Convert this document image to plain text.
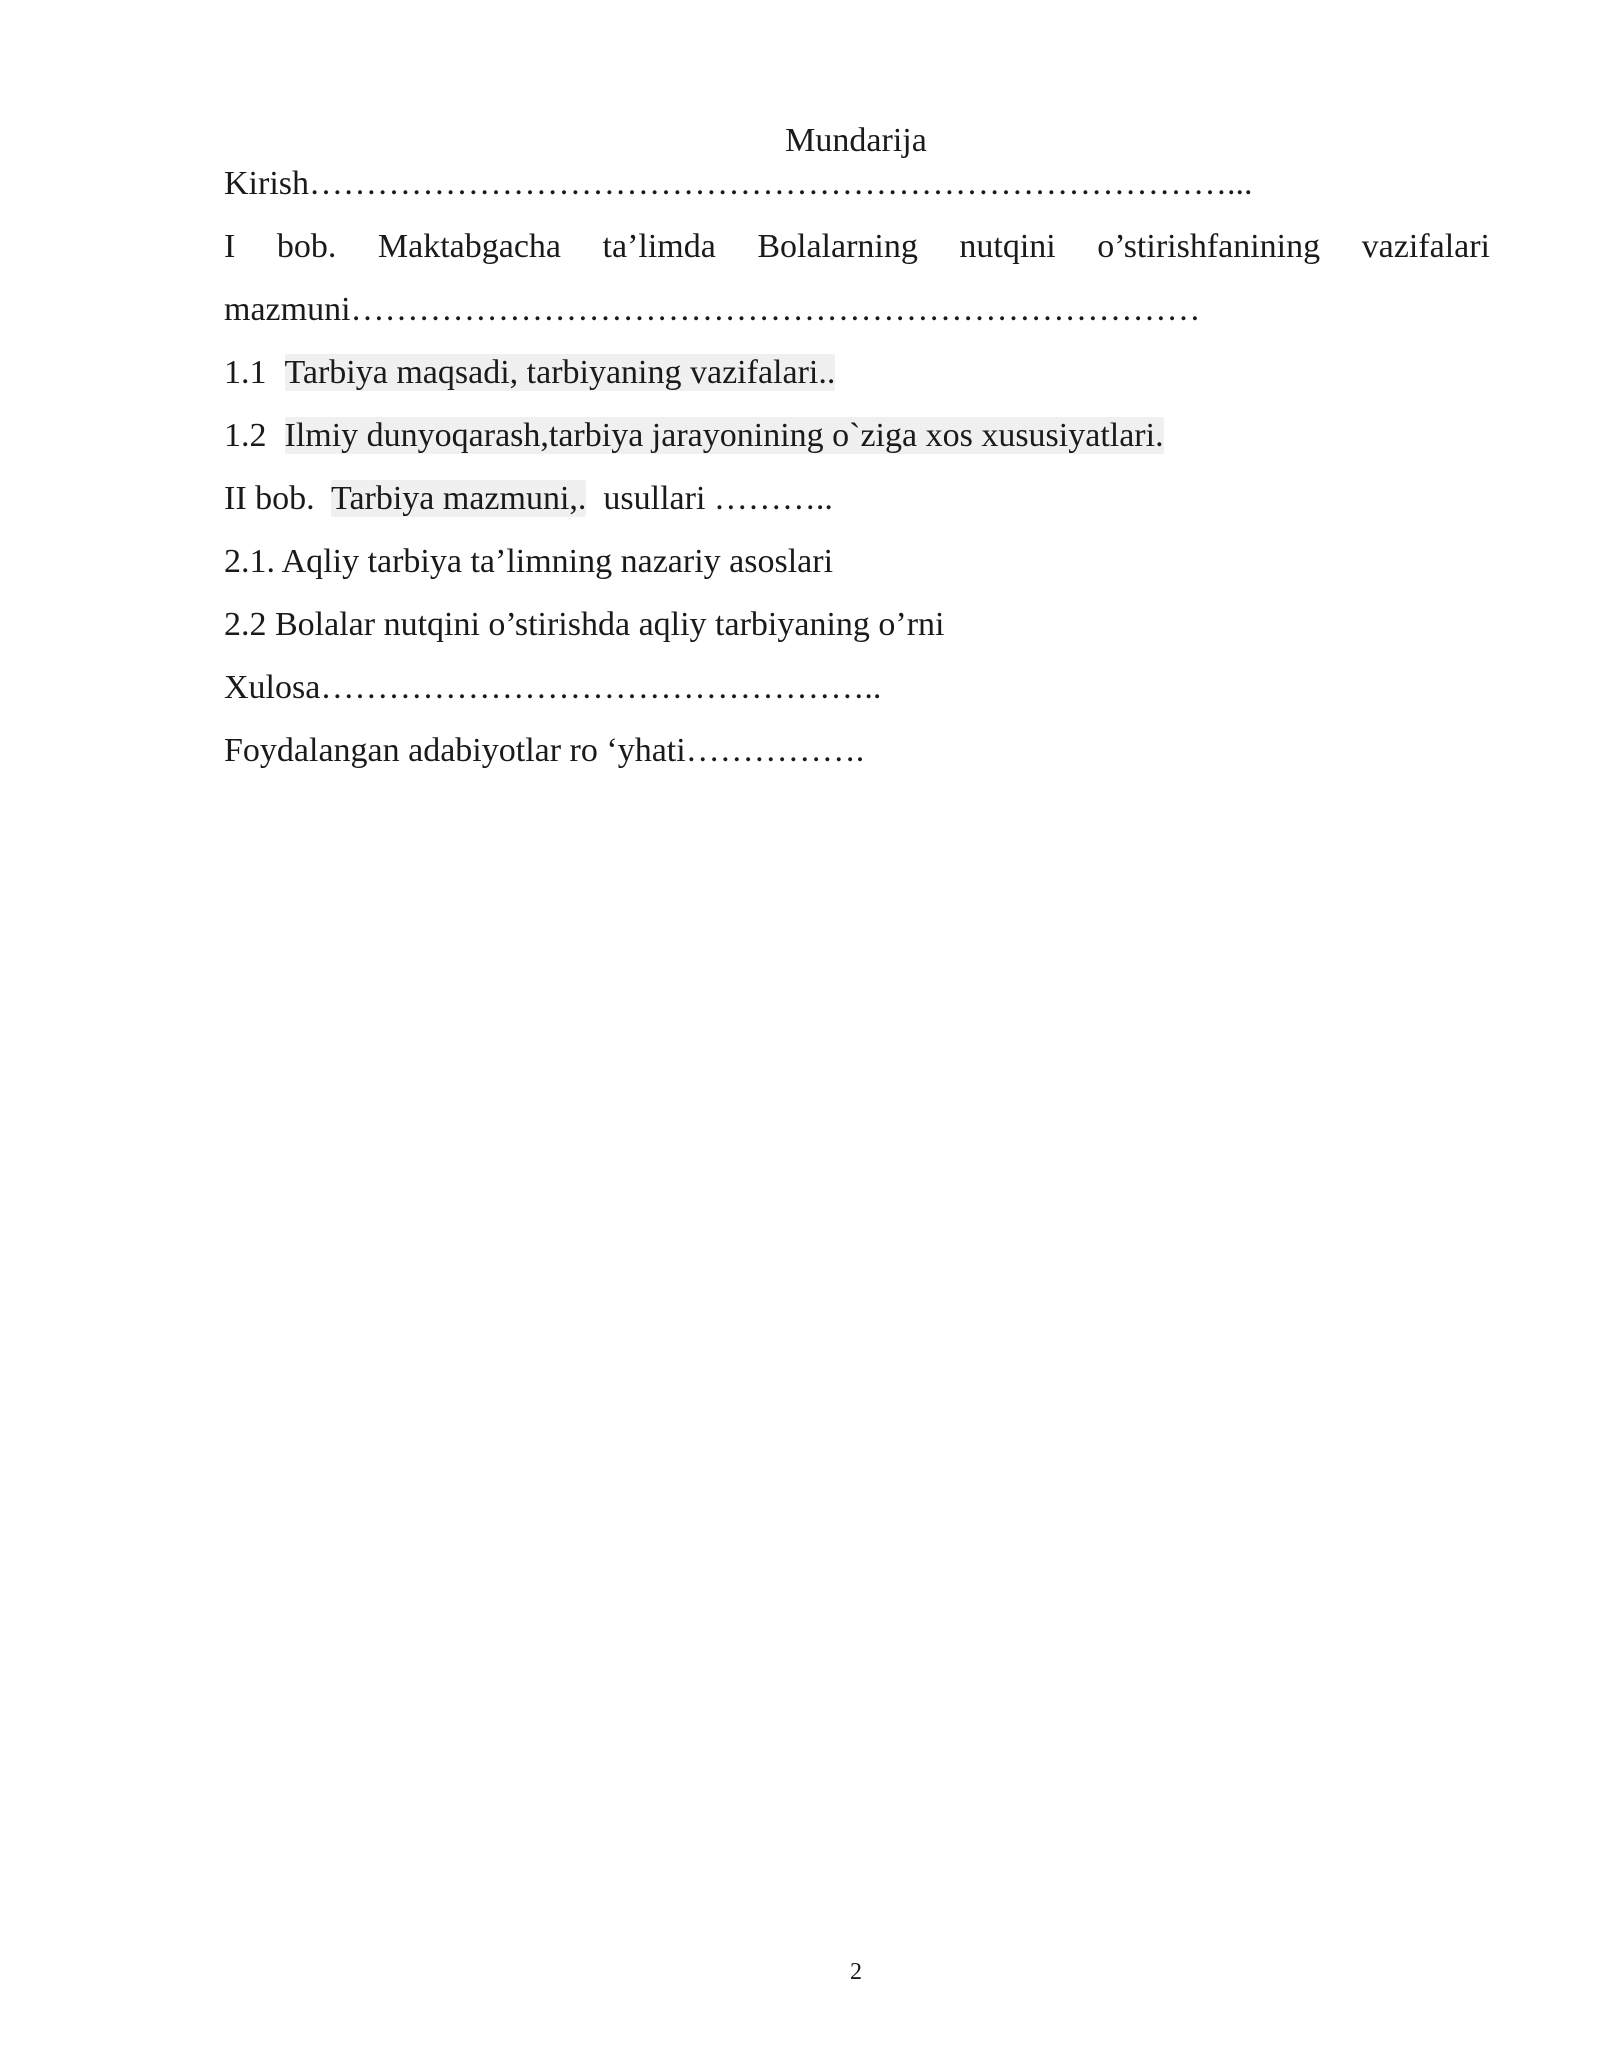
Mundarija
Kirish………………………………………………………………………...
I bob. Maktabgacha ta’limda Bolalarning nutqini o’stirishfanining vazifalari
mazmuni…………………………………………………………………
1.1 Tarbiya maqsadi, tarbiyaning vazifalari..
1.2 Ilmiy dunyoqarash,tarbiya jarayonining o`ziga xos xususiyatlari.
II bob. Tarbiya mazmuni,. usullari ………..
2.1. Aqliy tarbiya ta’limning nazariy asoslari
2.2 Bolalar nutqini o’stirishda aqliy tarbiyaning o’rni
Xulosa…………………………………………..
Foydalangan adabiyotlar ro ‘yhati…………….
2
